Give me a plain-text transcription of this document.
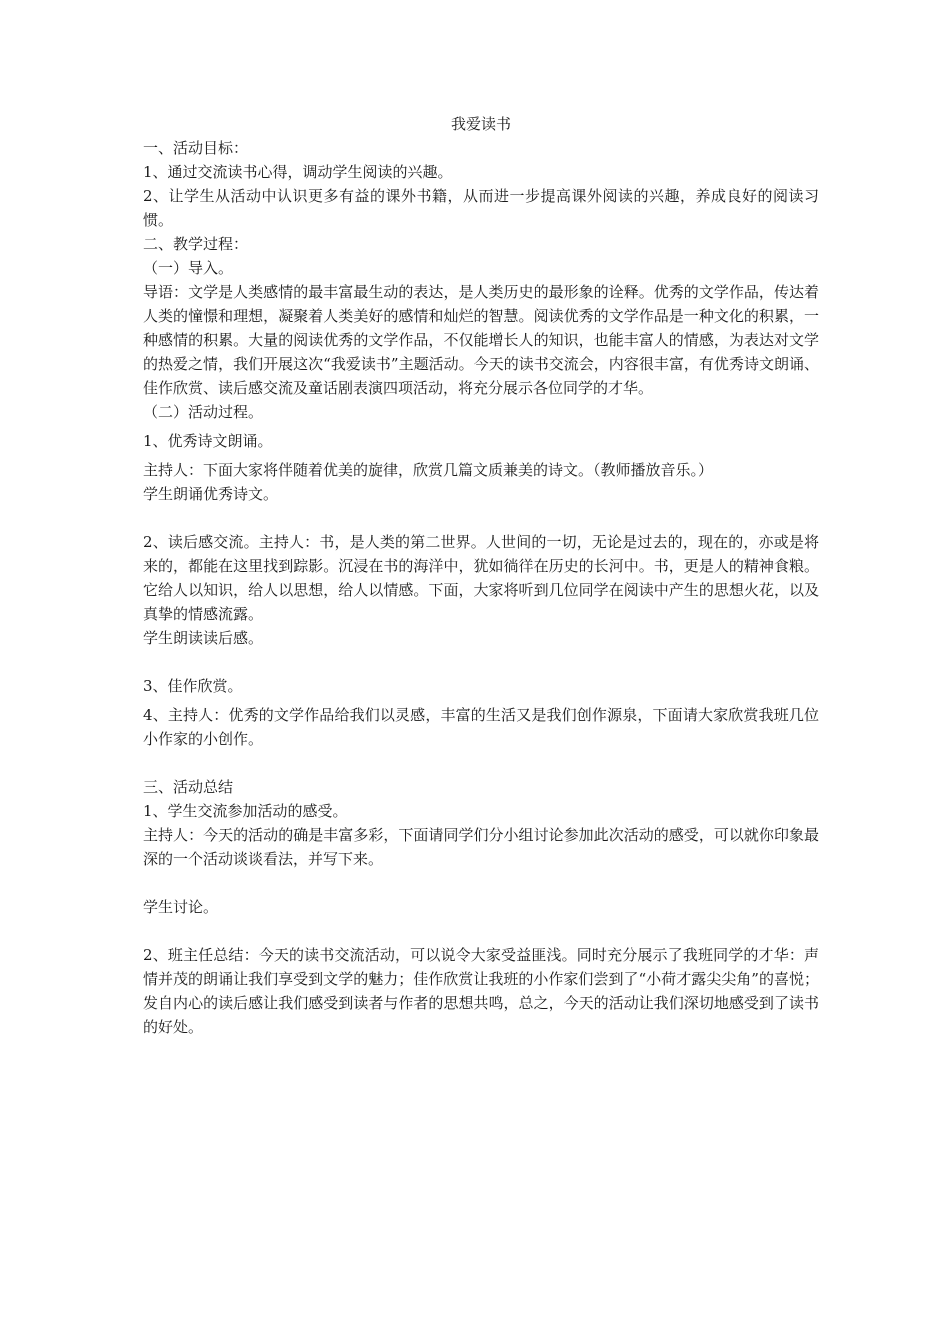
我爱读书

一、活动目标：

1、通过交流读书心得，调动学生阅读的兴趣。

2、让学生从活动中认识更多有益的课外书籍，从而进一步提高课外阅读的兴趣，养成良好的阅读习惯。

二、教学过程：

（一）导入。

导语：文学是人类感情的最丰富最生动的表达，是人类历史的最形象的诠释。优秀的文学作品，传达着人类的憧憬和理想，凝聚着人类美好的感情和灿烂的智慧。阅读优秀的文学作品是一种文化的积累，一种感情的积累。大量的阅读优秀的文学作品，不仅能增长人的知识，也能丰富人的情感，为表达对文学的热爱之情，我们开展这次“我爱读书”主题活动。今天的读书交流会，内容很丰富，有优秀诗文朗诵、佳作欣赏、读后感交流及童话剧表演四项活动，将充分展示各位同学的才华。

（二）活动过程。

1、优秀诗文朗诵。

主持人：下面大家将伴随着优美的旋律，欣赏几篇文质兼美的诗文。（教师播放音乐。）

学生朗诵优秀诗文。

2、读后感交流。主持人：书，是人类的第二世界。人世间的一切，无论是过去的，现在的，亦或是将来的，都能在这里找到踪影。沉浸在书的海洋中，犹如徜徉在历史的长河中。书，更是人的精神食粮。它给人以知识，给人以思想，给人以情感。下面，大家将听到几位同学在阅读中产生的思想火花，以及真挚的情感流露。

学生朗读读后感。

3、佳作欣赏。

4、主持人：优秀的文学作品给我们以灵感，丰富的生活又是我们创作源泉，下面请大家欣赏我班几位小作家的小创作。

三、活动总结

1、学生交流参加活动的感受。

主持人：今天的活动的确是丰富多彩，下面请同学们分小组讨论参加此次活动的感受，可以就你印象最深的一个活动谈谈看法，并写下来。

学生讨论。

2、班主任总结：今天的读书交流活动，可以说令大家受益匪浅。同时充分展示了我班同学的才华：声情并茂的朗诵让我们享受到文学的魅力；佳作欣赏让我班的小作家们尝到了“小荷才露尖尖角”的喜悦；发自内心的读后感让我们感受到读者与作者的思想共鸣，总之，今天的活动让我们深切地感受到了读书的好处。
